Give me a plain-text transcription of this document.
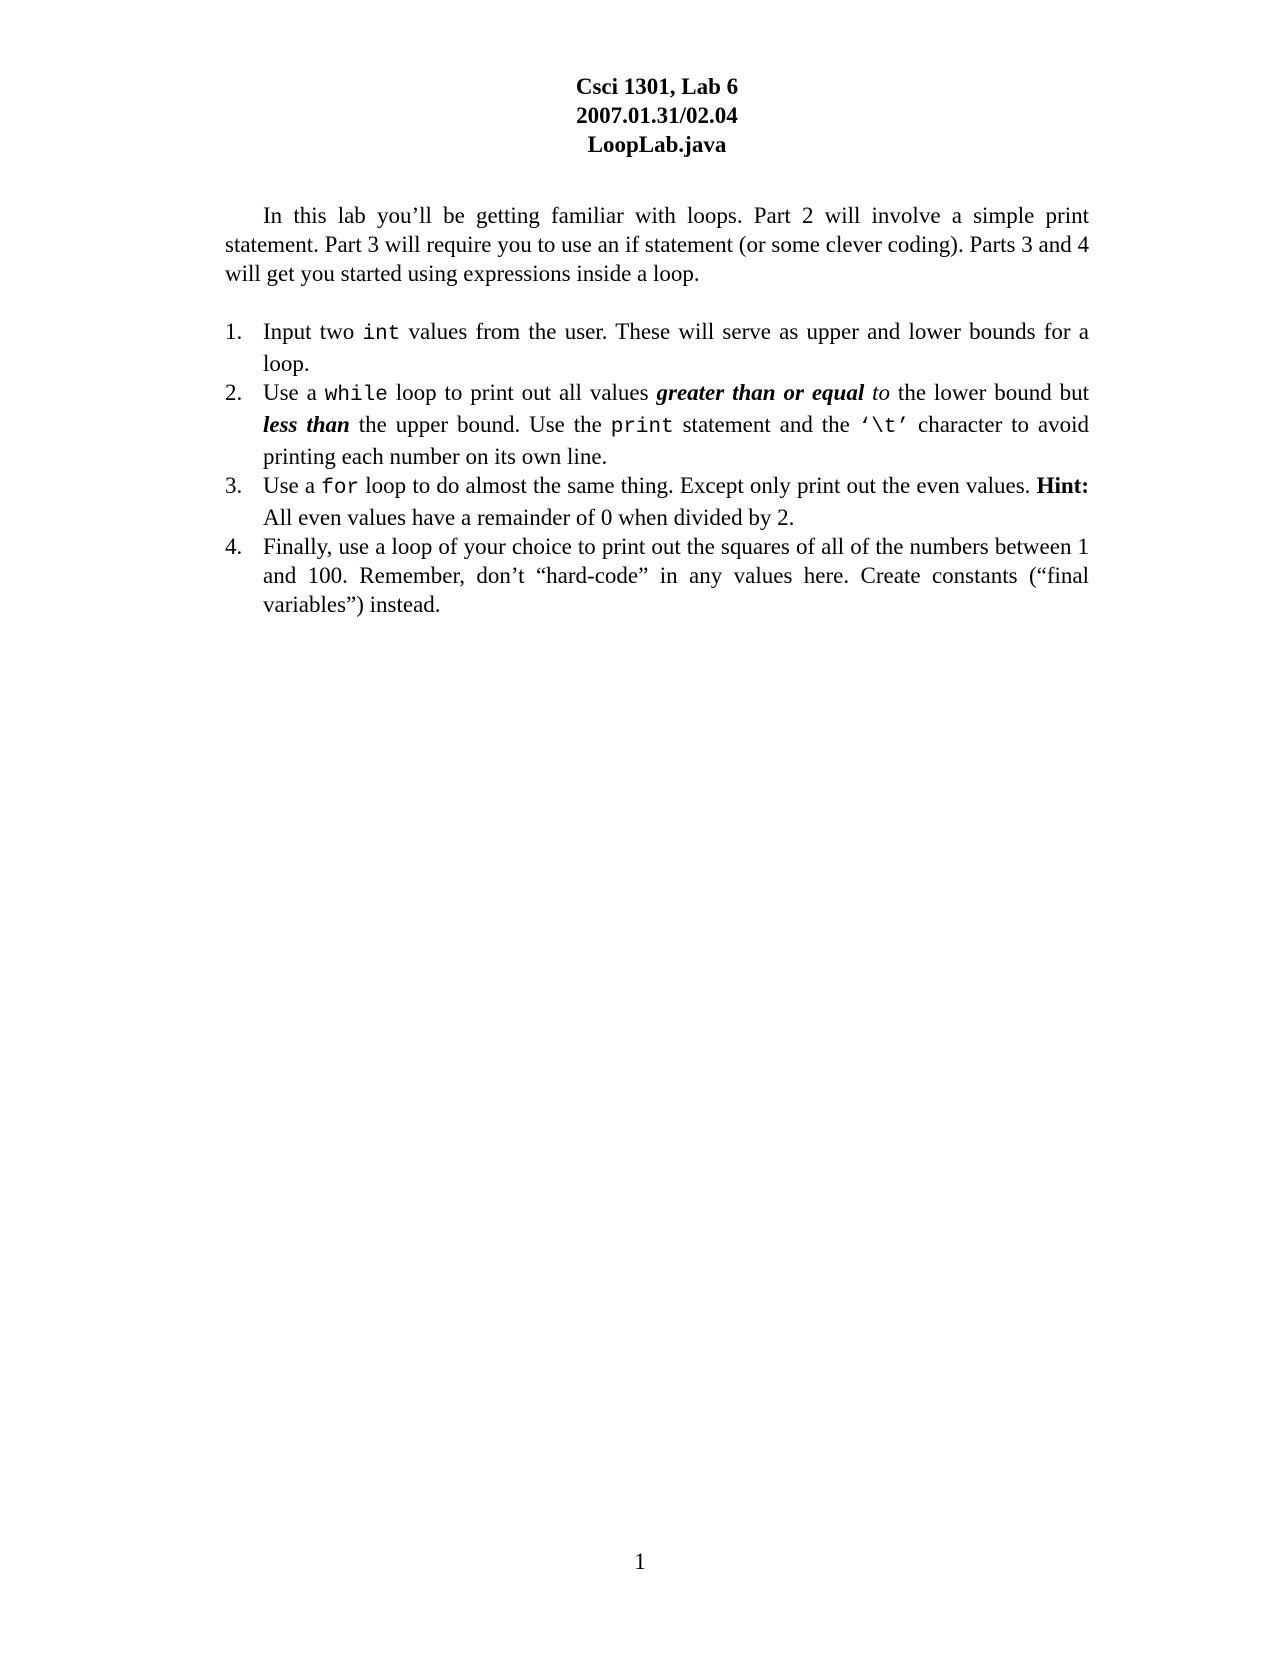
Csci 1301, Lab 6
2007.01.31/02.04
LoopLab.java

In this lab you’ll be getting familiar with loops. Part 2 will involve a simple print statement. Part 3 will require you to use an if statement (or some clever coding). Parts 3 and 4 will get you started using expressions inside a loop.

1. Input two int values from the user. These will serve as upper and lower bounds for a loop.
2. Use a while loop to print out all values greater than or equal to the lower bound but less than the upper bound. Use the print statement and the ‘\t’ character to avoid printing each number on its own line.
3. Use a for loop to do almost the same thing. Except only print out the even values. Hint: All even values have a remainder of 0 when divided by 2.
4. Finally, use a loop of your choice to print out the squares of all of the numbers between 1 and 100. Remember, don’t “hard-code” in any values here. Create constants (“final variables”) instead.
1
